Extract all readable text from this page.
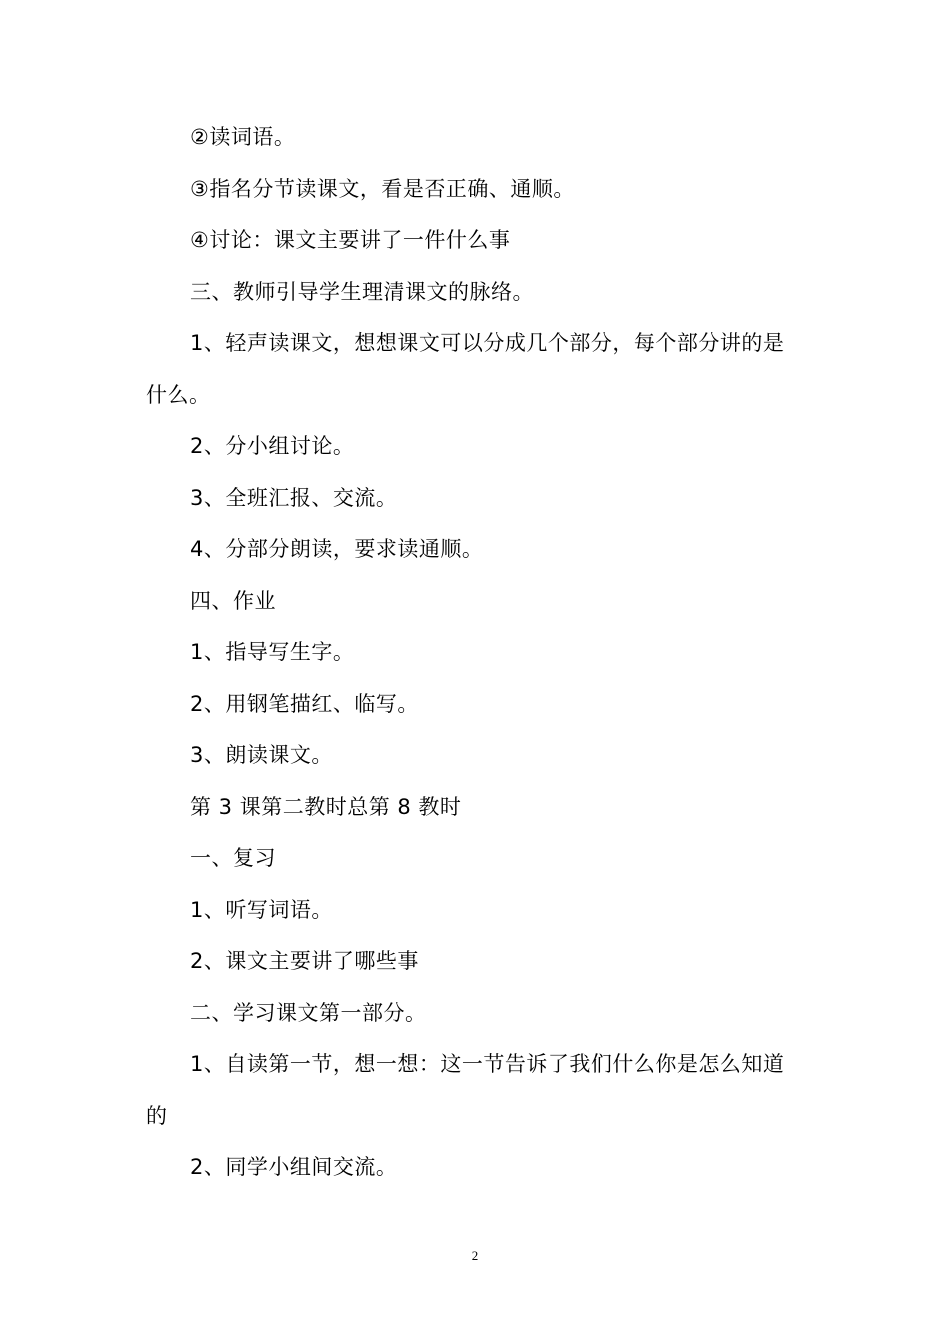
②读词语。
③指名分节读课文，看是否正确、通顺。
④讨论：课文主要讲了一件什么事
三、教师引导学生理清课文的脉络。
1、轻声读课文，想想课文可以分成几个部分，每个部分讲的是
什么。
2、分小组讨论。
3、全班汇报、交流。
4、分部分朗读，要求读通顺。
四、作业
1、指导写生字。
2、用钢笔描红、临写。
3、朗读课文。
第 3 课第二教时总第 8 教时
一、复习
1、听写词语。
2、课文主要讲了哪些事
二、学习课文第一部分。
1、自读第一节，想一想：这一节告诉了我们什么你是怎么知道
的
2、同学小组间交流。
2
